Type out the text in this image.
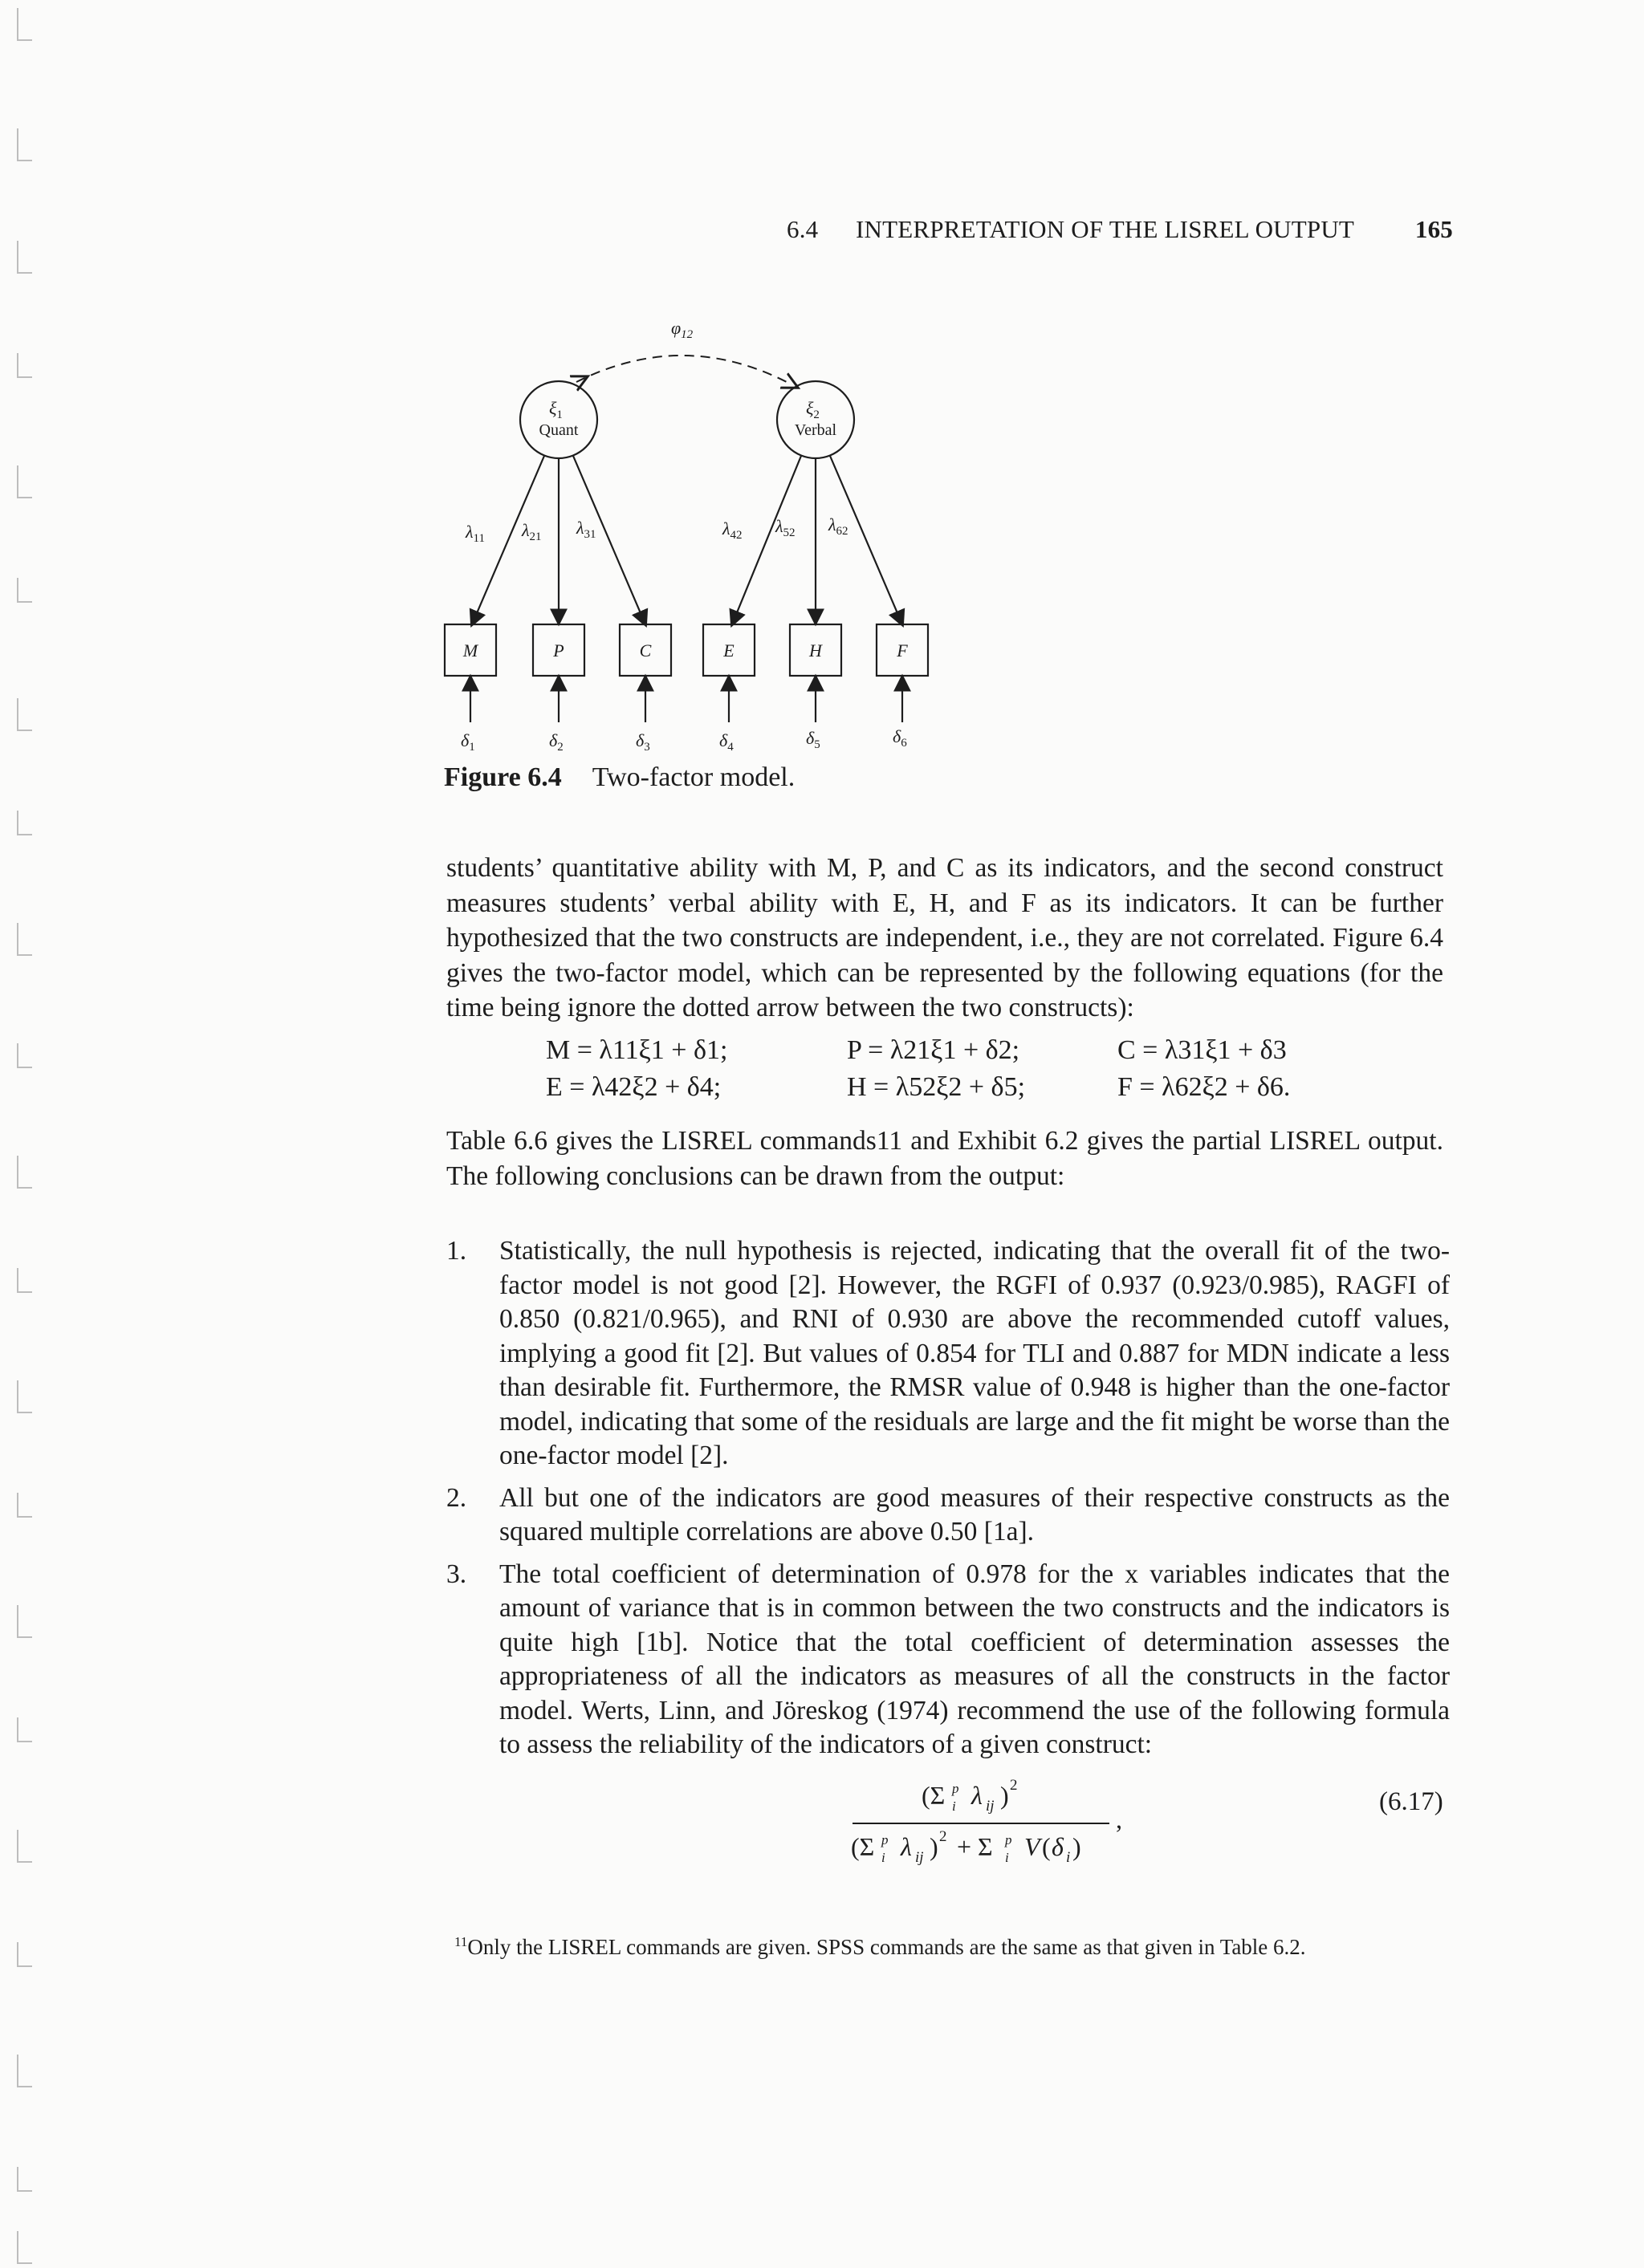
6.4 INTERPRETATION OF THE LISREL OUTPUT 165
$\varphi_{12}$
$\xi_1$
Quant
$\xi_2$
Verbal
$\lambda_{11}$ $\lambda_{21}$ $\lambda_{31}$	$\lambda_{42}$ $\lambda_{52}$ $\lambda_{62}$
M	P	C	E	H	F
$\delta_1$	$\delta_2$	$\delta_3$	$\delta_4$	$\delta_5$	$\delta_6$
Figure 6.4 Two-factor model.

students’ quantitative ability with M, P, and C as its indicators, and the second construct measures students’ verbal ability with E, H, and F as its indicators. It can be further hypothesized that the two constructs are independent, i.e., they are not correlated. Figure 6.4 gives the two-factor model, which can be represented by the following equations (for the time being ignore the dotted arrow between the two constructs):

M = λ11ξ1 + δ1;	P = λ21ξ1 + δ2;	C = λ31ξ1 + δ3
E = λ42ξ2 + δ4;	H = λ52ξ2 + δ5;	F = λ62ξ2 + δ6.

Table 6.6 gives the LISREL commands11 and Exhibit 6.2 gives the partial LISREL output. The following conclusions can be drawn from the output:

1. Statistically, the null hypothesis is rejected, indicating that the overall fit of the two-factor model is not good [2]. However, the RGFI of 0.937 (0.923/0.985), RAGFI of 0.850 (0.821/0.965), and RNI of 0.930 are above the recommended cutoff values, implying a good fit [2]. But values of 0.854 for TLI and 0.887 for MDN indicate a less than desirable fit. Furthermore, the RMSR value of 0.948 is higher than the one-factor model, indicating that some of the residuals are large and the fit might be worse than the one-factor model [2].
2. All but one of the indicators are good measures of their respective constructs as the squared multiple correlations are above 0.50 [1a].
3. The total coefficient of determination of 0.978 for the x variables indicates that the amount of variance that is in common between the two constructs and the indicators is quite high [1b]. Notice that the total coefficient of determination assesses the appropriateness of all the indicators as measures of all the constructs in the factor model. Werts, Linn, and Jöreskog (1974) recommend the use of the following formula to assess the reliability of the indicators of a given construct:
(Σ p
i λ ij ) 2
(Σ p
i λ ij ) 2 + Σ p
i V ( δ i )
,
(6.17)
$^{11}$Only the LISREL commands are given. SPSS commands are the same as that given in Table 6.2.
